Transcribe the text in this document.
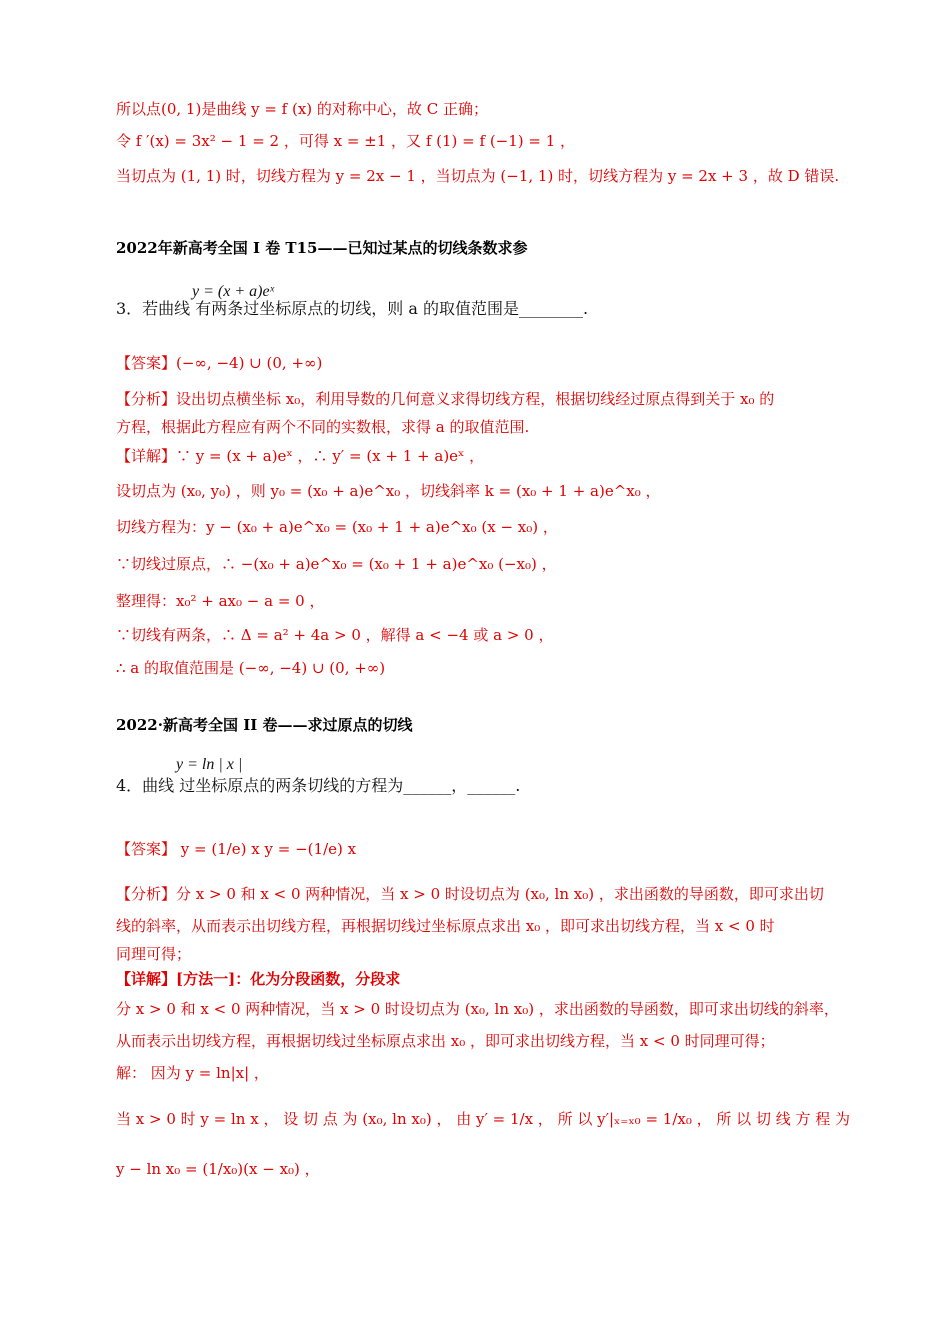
所以点(0, 1)是曲线 y = f (x) 的对称中心，故 C 正确；
令 f ′(x) = 3x² − 1 = 2 ，可得 x = ±1 ，又 f (1) = f (−1) = 1 ，
当切点为 (1, 1) 时，切线方程为 y = 2x − 1 ，当切点为 (−1, 1) 时，切线方程为 y = 2x + 3 ，故 D 错误.
2022年新高考全国 I 卷 T15——已知过某点的切线条数求参
y = (x + a)eˣ
3．若曲线 有两条过坐标原点的切线，则 a 的取值范围是________.
【答案】(−∞, −4) ∪ (0, +∞)
【分析】设出切点横坐标 x₀，利用导数的几何意义求得切线方程，根据切线经过原点得到关于 x₀ 的
方程，根据此方程应有两个不同的实数根，求得 a 的取值范围.
【详解】∵ y = (x + a)eˣ ，∴ y′ = (x + 1 + a)eˣ ，
设切点为 (x₀, y₀) ，则 y₀ = (x₀ + a)e^x₀ ，切线斜率 k = (x₀ + 1 + a)e^x₀ ，
切线方程为：y − (x₀ + a)e^x₀ = (x₀ + 1 + a)e^x₀ (x − x₀) ，
∵切线过原点，∴ −(x₀ + a)e^x₀ = (x₀ + 1 + a)e^x₀ (−x₀) ，
整理得：x₀² + ax₀ − a = 0 ，
∵切线有两条，∴ Δ = a² + 4a > 0 ，解得 a < −4 或 a > 0 ，
∴ a 的取值范围是 (−∞, −4) ∪ (0, +∞)
2022·新高考全国 II 卷——求过原点的切线
y = ln | x |
4．曲线 过坐标原点的两条切线的方程为______，______.
【答案】 y = (1/e) x y = −(1/e) x
【分析】分 x > 0 和 x < 0 两种情况，当 x > 0 时设切点为 (x₀, ln x₀) ，求出函数的导函数，即可求出切
线的斜率，从而表示出切线方程，再根据切线过坐标原点求出 x₀ ，即可求出切线方程，当 x < 0 时
同理可得；
【详解】[方法一]：化为分段函数，分段求
分 x > 0 和 x < 0 两种情况，当 x > 0 时设切点为 (x₀, ln x₀) ，求出函数的导函数，即可求出切线的斜率，
从而表示出切线方程，再根据切线过坐标原点求出 x₀ ，即可求出切线方程，当 x < 0 时同理可得；
解： 因为 y = ln|x| ，
当 x > 0 时 y = ln x ， 设 切 点 为 (x₀, ln x₀) ， 由 y′ = 1/x ， 所 以 y′|ₓ₌ₓ₀ = 1/x₀ ， 所 以 切 线 方 程 为
y − ln x₀ = (1/x₀)(x − x₀) ，
